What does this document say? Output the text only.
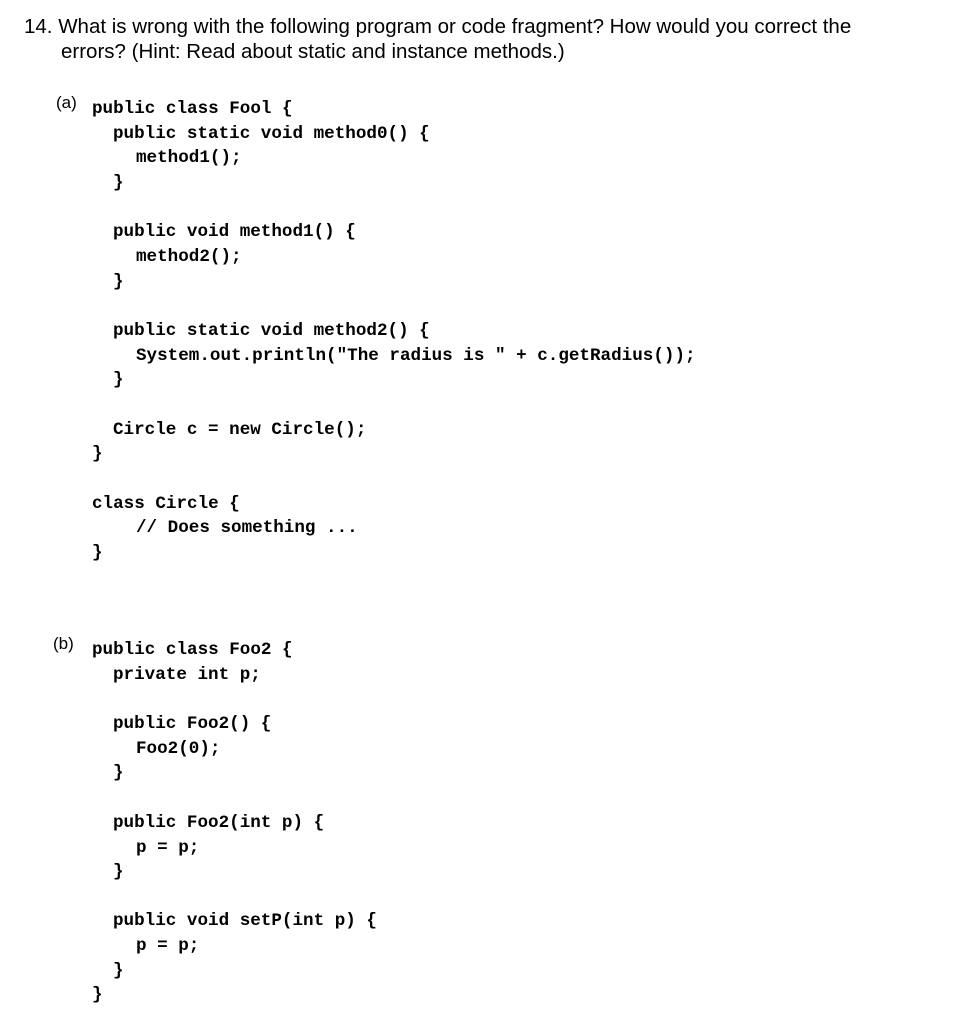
14. What is wrong with the following program or code fragment? How would you correct the
errors? (Hint: Read about static and instance methods.)
(a) public class Fool {
public static void method0() {
method1();
}
public void method1() {
method2();
}
public static void method2() {
System.out.println("The radius is " + c.getRadius());
}
Circle c = new Circle();
}
class Circle {
// Does something ...
}
(b) public class Foo2 {
private int p;
public Foo2() {
Foo2(0);
}
public Foo2(int p) {
p = p;
}
public void setP(int p) {
p = p;
}
}
